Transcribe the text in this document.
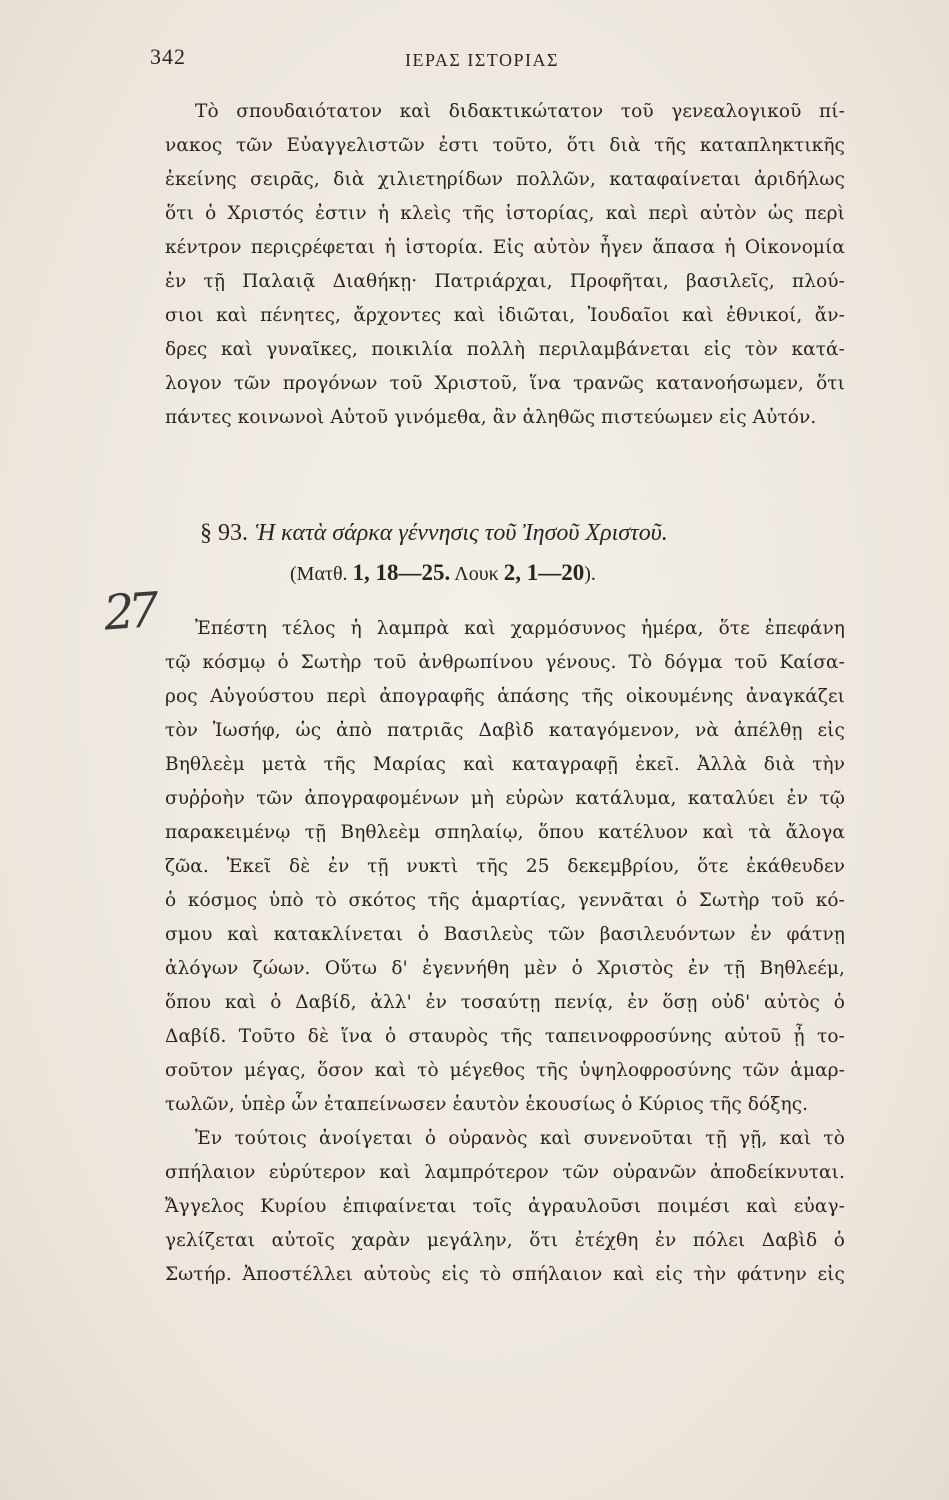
342	ΙΕΡΑΣ ΙΣΤΟΡΙΑΣ
Τὸ σπουδαιότατον καὶ διδακτικώτατον τοῦ γενεαλογικοῦ πί-
νακος τῶν Εὐαγγελιστῶν ἐστι τοῦτο, ὅτι διὰ τῆς καταπληκτικῆς
ἐκείνης σειρᾶς, διὰ χιλιετηρίδων πολλῶν, καταφαίνεται ἀριδήλως
ὅτι ὁ Χριστός ἐστιν ἡ κλεὶς τῆς ἱστορίας, καὶ περὶ αὐτὸν ὡς περὶ
κέντρον περιςρέφεται ἡ ἱστορία. Εἰς αὐτὸν ἦγεν ἅπασα ἡ Οἰκονομία
ἐν τῇ Παλαιᾷ Διαθήκῃ· Πατριάρχαι, Προφῆται, βασιλεῖς, πλού-
σιοι καὶ πένητες, ἄρχοντες καὶ ἰδιῶται, Ἰουδαῖοι καὶ ἐθνικοί, ἄν-
δρες καὶ γυναῖκες, ποικιλία πολλὴ περιλαμβάνεται εἰς τὸν κατά-
λογον τῶν προγόνων τοῦ Χριστοῦ, ἵνα τρανῶς κατανοήσωμεν, ὅτι
πάντες κοινωνοὶ Αὐτοῦ γινόμεθα, ἂν ἀληθῶς πιστεύωμεν εἰς Αὐτόν.
§ 93. Ἡ κατὰ σάρκα γέννησις τοῦ Ἰησοῦ Χριστοῦ.
(Ματθ. 1, 18—25. Λουκ 2, 1—20).
27	Ἐπέστη τέλος ἡ λαμπρὰ καὶ χαρμόσυνος ἡμέρα, ὅτε ἐπεφάνη
τῷ κόσμῳ ὁ Σωτὴρ τοῦ ἀνθρωπίνου γένους. Τὸ δόγμα τοῦ Καίσα-
ρος Αὐγούστου περὶ ἀπογραφῆς ἁπάσης τῆς οἰκουμένης ἀναγκάζει
τὸν Ἰωσήφ, ὡς ἀπὸ πατριᾶς Δαβὶδ καταγόμενον, νὰ ἀπέλθῃ εἰς
Βηθλεὲμ μετὰ τῆς Μαρίας καὶ καταγραφῇ ἐκεῖ. Ἀλλὰ διὰ τὴν
συῤῥοὴν τῶν ἀπογραφομένων μὴ εὑρὼν κατάλυμα, καταλύει ἐν τῷ
παρακειμένῳ τῇ Βηθλεὲμ σπηλαίῳ, ὅπου κατέλυον καὶ τὰ ἄλογα
ζῶα. Ἐκεῖ δὲ ἐν τῇ νυκτὶ τῆς 25 δεκεμβρίου, ὅτε ἐκάθευδεν
ὁ κόσμος ὑπὸ τὸ σκότος τῆς ἁμαρτίας, γεννᾶται ὁ Σωτὴρ τοῦ κό-
σμου καὶ κατακλίνεται ὁ Βασιλεὺς τῶν βασιλευόντων ἐν φάτνῃ
ἀλόγων ζώων. Οὕτω δ' ἐγεννήθη μὲν ὁ Χριστὸς ἐν τῇ Βηθλεέμ,
ὅπου καὶ ὁ Δαβίδ, ἀλλ' ἐν τοσαύτῃ πενίᾳ, ἐν ὅσῃ οὐδ' αὐτὸς ὁ
Δαβίδ. Τοῦτο δὲ ἵνα ὁ σταυρὸς τῆς ταπεινοφροσύνης αὐτοῦ ᾖ το-
σοῦτον μέγας, ὅσον καὶ τὸ μέγεθος τῆς ὑψηλοφροσύνης τῶν ἁμαρ-
τωλῶν, ὑπὲρ ὧν ἐταπείνωσεν ἑαυτὸν ἑκουσίως ὁ Κύριος τῆς δόξης.
Ἐν τούτοις ἀνοίγεται ὁ οὐρανὸς καὶ συνενοῦται τῇ γῇ, καὶ τὸ
σπήλαιον εὐρύτερον καὶ λαμπρότερον τῶν οὐρανῶν ἀποδείκνυται.
Ἄγγελος Κυρίου ἐπιφαίνεται τοῖς ἀγραυλοῦσι ποιμέσι καὶ εὐαγ-
γελίζεται αὐτοῖς χαρὰν μεγάλην, ὅτι ἐτέχθη ἐν πόλει Δαβὶδ ὁ
Σωτήρ. Ἀποστέλλει αὐτοὺς εἰς τὸ σπήλαιον καὶ εἰς τὴν φάτνην εἰς
